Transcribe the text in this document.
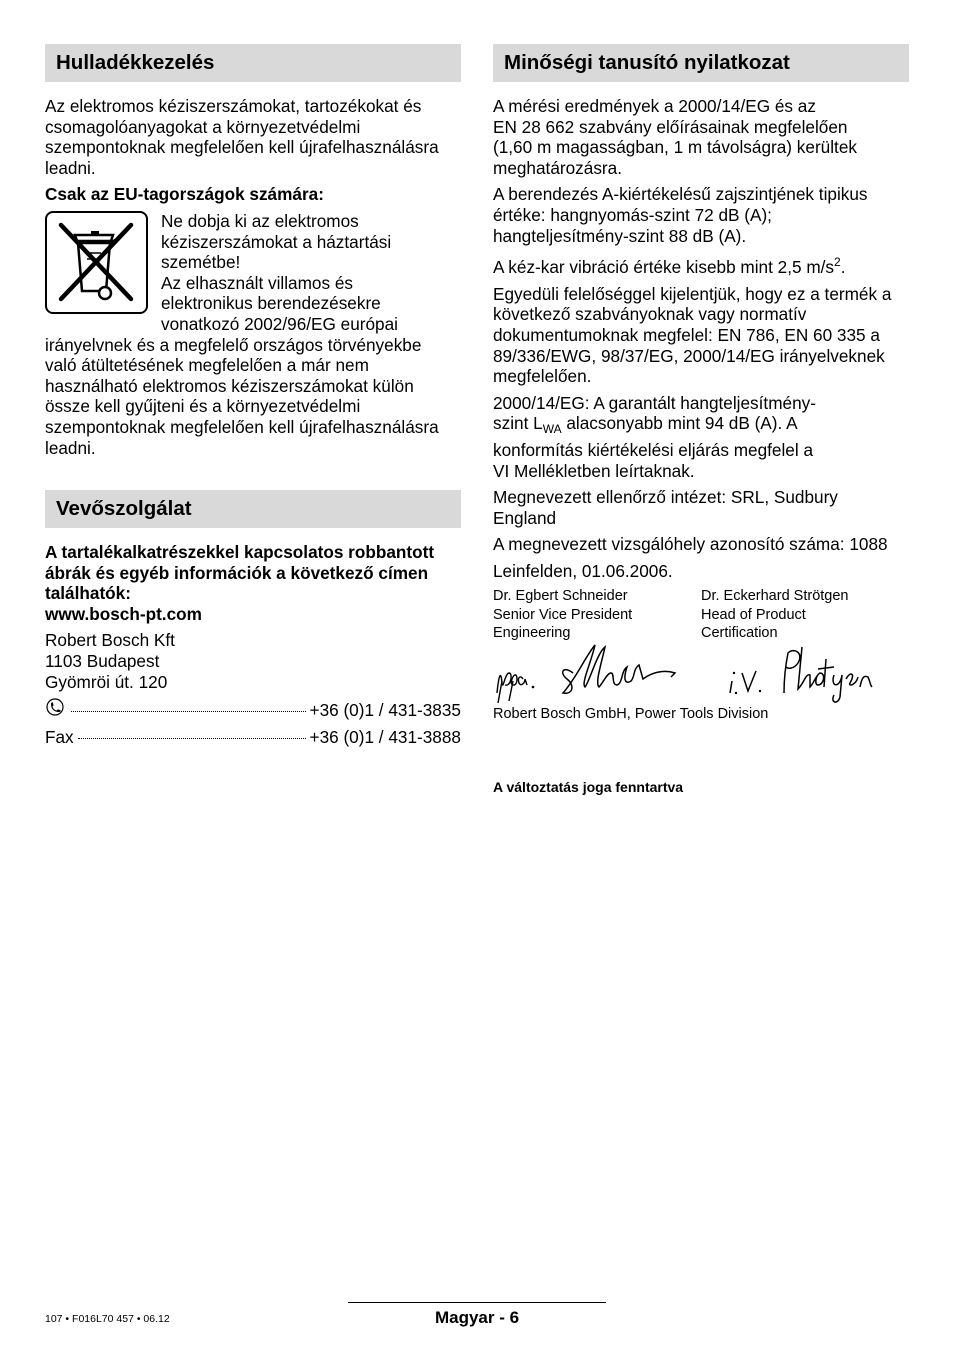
Hulladékkezelés
Az elektromos kéziszerszámokat, tartozékokat és
csomagolóanyagokat a környezetvédelmi
szempontoknak megfelelően kell újrafelhasználásra
leadni.
Csak az EU-tagországok számára:
Ne dobja ki az elektromos
kéziszerszámokat a háztartási
szemétbe!
Az elhasznált villamos és
elektronikus berendezésekre
vonatkozó 2002/96/EG európai
irányelvnek és a megfelelő országos törvényekbe
való átültetésének megfelelően a már nem
használható elektromos kéziszerszámokat külön
össze kell gyűjteni és a környezetvédelmi
szempontoknak megfelelően kell újrafelhasználásra
leadni.
Vevőszolgálat
A tartalékalkatrészekkel kapcsolatos robbantott
ábrák és egyéb információk a következő címen
találhatók:
www.bosch-pt.com
Robert Bosch Kft
1103 Budapest
Gyömröi út. 120
+36 (0)1 / 431-3835
Fax	+36 (0)1 / 431-3888
Minőségi tanusító nyilatkozat
A mérési eredmények a 2000/14/EG és az
EN 28 662 szabvány előírásainak megfelelően
(1,60 m magasságban, 1 m távolságra) kerültek
meghatározásra.
A berendezés A-kiértékelésű zajszintjének tipikus
értéke: hangnyomás-szint 72 dB (A);
hangteljesítmény-szint 88 dB (A).
A kéz-kar vibráció értéke kisebb mint 2,5 $m/s^2$.
Egyedüli felelőséggel kijelentjük, hogy ez a termék a
következő szabványoknak vagy normatív
dokumentumoknak megfelel: EN 786, EN 60 335 a
89/336/EWG, 98/37/EG, 2000/14/EG irányelveknek
megfelelően.
2000/14/EG: A garantált hangteljesítmény-
szint $L_{WA}$ alacsonyabb mint 94 dB (A). A
konformítás kiértékelési eljárás megfelel a
VI Mellékletben leírtaknak.
Megnevezett ellenőrző intézet: SRL, Sudbury
England
A megnevezett vizsgálóhely azonosító száma: 1088
Leinfelden, 01.06.2006.
Dr. Egbert Schneider
Senior Vice President
Engineering
Dr. Eckerhard Strötgen
Head of Product
Certification
Robert Bosch GmbH, Power Tools Division
A változtatás joga fenntartva
107 • F016L70 457 • 06.12	Magyar - 6
